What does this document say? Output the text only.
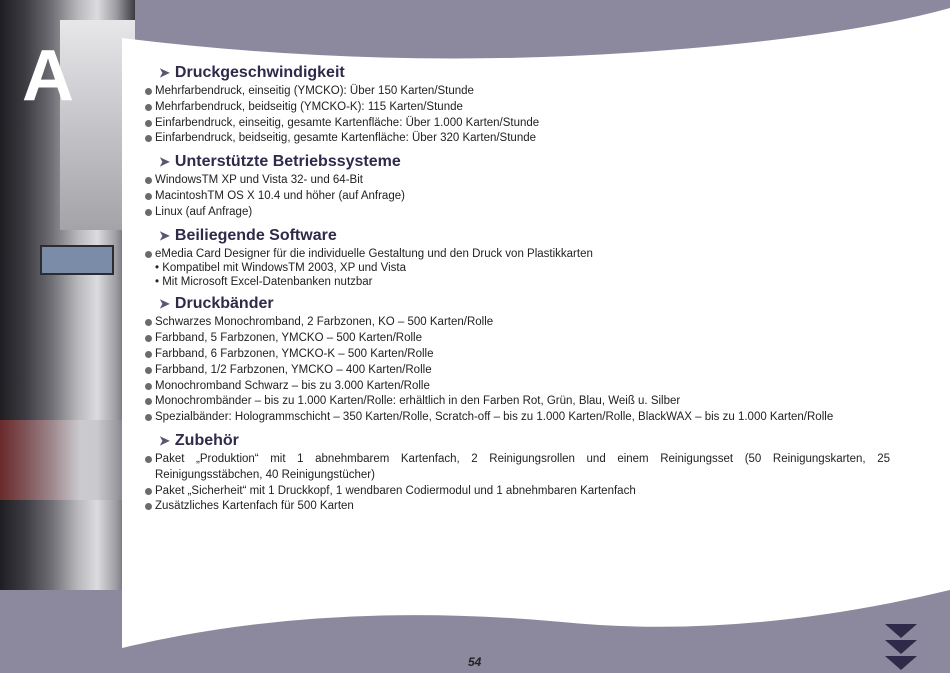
A	➤ Druckgeschwindigkeit
Mehrfarbendruck, einseitig (YMCKO): Über 150 Karten/Stunde
Mehrfarbendruck, beidseitig (YMCKO-K): 115 Karten/Stunde
Einfarbendruck, einseitig, gesamte Kartenfläche: Über 1.000 Karten/Stunde
Einfarbendruck, beidseitig, gesamte Kartenfläche: Über 320 Karten/Stunde
➤ Unterstützte Betriebssysteme
WindowsTM XP und Vista 32- und 64-Bit
MacintoshTM OS X 10.4 und höher (auf Anfrage)
Linux (auf Anfrage)
➤ Beiliegende Software
eMedia Card Designer für die individuelle Gestaltung und den Druck von Plastikkarten
• Kompatibel mit WindowsTM 2003, XP und Vista
• Mit Microsoft Excel-Datenbanken nutzbar
➤ Druckbänder
Schwarzes Monochromband, 2 Farbzonen, KO – 500 Karten/Rolle
Farbband, 5 Farbzonen, YMCKO – 500 Karten/Rolle
Farbband, 6 Farbzonen, YMCKO-K – 500 Karten/Rolle
Farbband, 1/2 Farbzonen, YMCKO – 400 Karten/Rolle
Monochromband Schwarz – bis zu 3.000 Karten/Rolle
Monochrombänder – bis zu 1.000 Karten/Rolle: erhältlich in den Farben Rot, Grün, Blau, Weiß u. Silber
Spezialbänder: Hologrammschicht – 350 Karten/Rolle, Scratch-off – bis zu 1.000 Karten/Rolle, BlackWAX – bis zu 1.000 Karten/Rolle
➤ Zubehör
Paket „Produktion“ mit 1 abnehmbarem Kartenfach, 2 Reinigungsrollen und einem Reinigungsset (50 Reinigungskarten, 25 Reinigungsstäbchen, 40 Reinigungstücher)
Paket „Sicherheit“ mit 1 Druckkopf, 1 wendbaren Codiermodul und 1 abnehmbaren Kartenfach
Zusätzliches Kartenfach für 500 Karten
54
